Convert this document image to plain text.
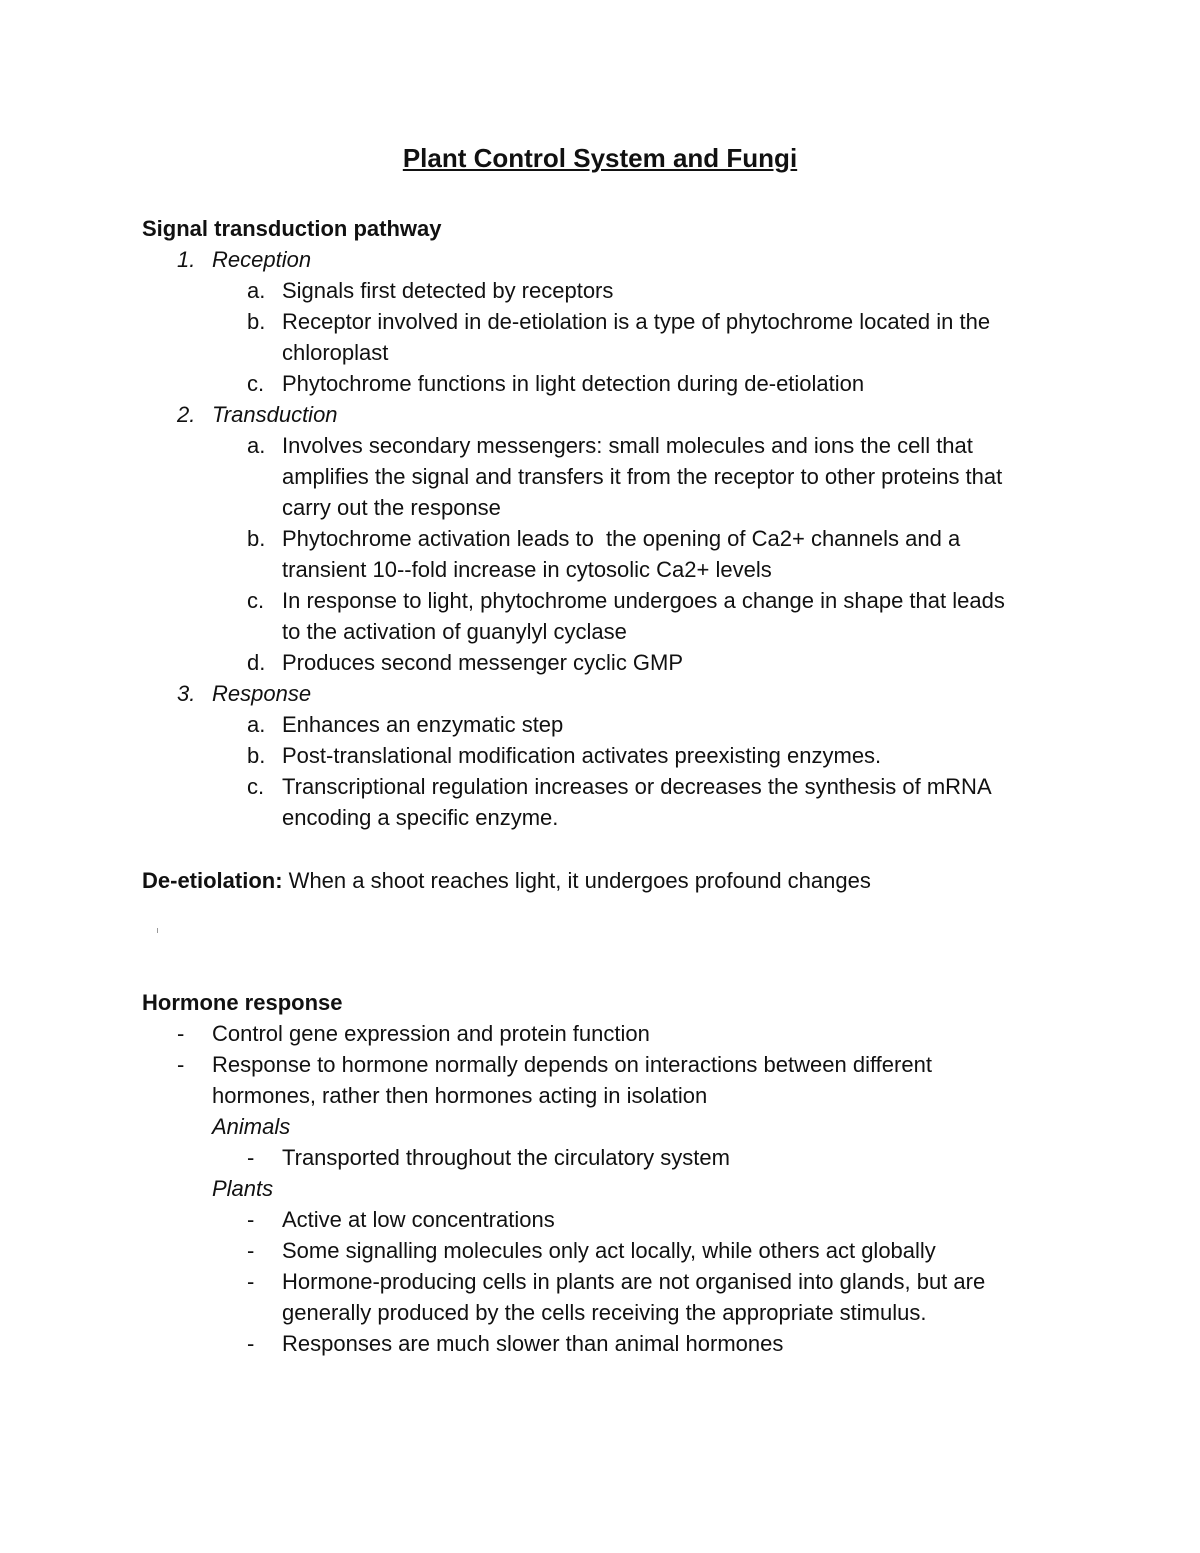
Plant Control System and Fungi
Signal transduction pathway
1. Reception
a. Signals first detected by receptors
b. Receptor involved in de-etiolation is a type of phytochrome located in the
chloroplast
c. Phytochrome functions in light detection during de-etiolation
2. Transduction
a. Involves secondary messengers: small molecules and ions the cell that
amplifies the signal and transfers it from the receptor to other proteins that
carry out the response
b. Phytochrome activation leads to  the opening of Ca2+ channels and a
transient 10--fold increase in cytosolic Ca2+ levels
c. In response to light, phytochrome undergoes a change in shape that leads
to the activation of guanylyl cyclase
d. Produces second messenger cyclic GMP
3. Response
a. Enhances an enzymatic step
b. Post-translational modification activates preexisting enzymes.
c. Transcriptional regulation increases or decreases the synthesis of mRNA
encoding a specific enzyme.
De-etiolation: When a shoot reaches light, it undergoes profound changes
Hormone response
- Control gene expression and protein function
- Response to hormone normally depends on interactions between different
hormones, rather then hormones acting in isolation
Animals
- Transported throughout the circulatory system
Plants
- Active at low concentrations
- Some signalling molecules only act locally, while others act globally
- Hormone-producing cells in plants are not organised into glands, but are
generally produced by the cells receiving the appropriate stimulus.
- Responses are much slower than animal hormones
